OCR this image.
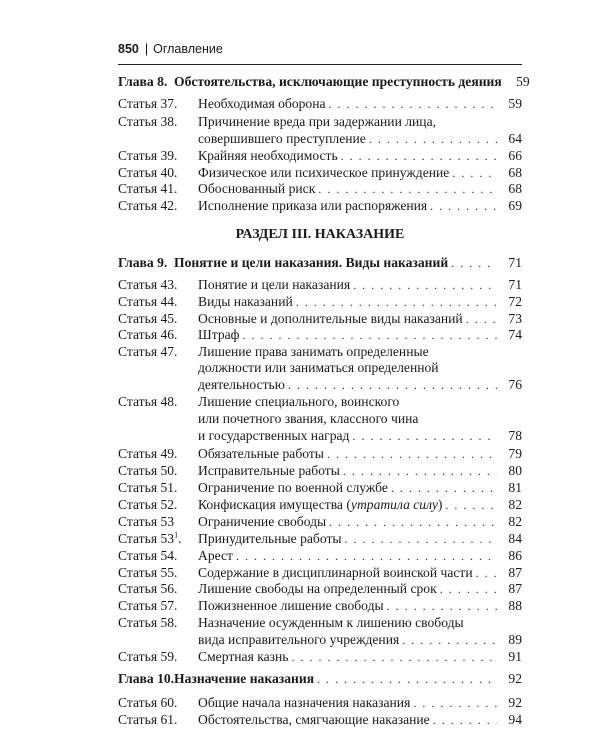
850 | Оглавление
Глава 8. Обстоятельства, исключающие преступность деяния	59
Статья 37. Необходимая оборона . . .	59
Статья 38. Причинение вреда при задержании лица,
совершившего преступление . . .	64
Статья 39. Крайняя необходимость . . .	66
Статья 40. Физическое или психическое принуждение . . .	68
Статья 41. Обоснованный риск . . .	68
Статья 42. Исполнение приказа или распоряжения . . .	69
РАЗДЕЛ III. НАКАЗАНИЕ
Глава 9. Понятие и цели наказания. Виды наказаний . . .	71
Статья 43. Понятие и цели наказания . . .	71
Статья 44. Виды наказаний . . .	72
Статья 45. Основные и дополнительные виды наказаний . . .	73
Статья 46. Штраф . . .	74
Статья 47. Лишение права занимать определенные
должности или заниматься определенной
деятельностью . . .	76
Статья 48. Лишение специального, воинского
или почетного звания, классного чина
и государственных наград . . .	78
Статья 49. Обязательные работы . . .	79
Статья 50. Исправительные работы . . .	80
Статья 51. Ограничение по военной службе . . .	81
Статья 52. Конфискация имущества (утратила силу) . . .	82
Статья 53 Ограничение свободы . . .	82
Статья $53^1$. Принудительные работы . . .	84
Статья 54. Арест . . .	86
Статья 55. Содержание в дисциплинарной воинской части . . .	87
Статья 56. Лишение свободы на определенный срок . . .	87
Статья 57. Пожизненное лишение свободы . . .	88
Статья 58. Назначение осужденным к лишению свободы
вида исправительного учреждения . . .	89
Статья 59. Смертная казнь . . .	91
Глава 10. Назначение наказания . . .	92
Статья 60. Общие начала назначения наказания . . .	92
Статья 61. Обстоятельства, смягчающие наказание . . .	94
